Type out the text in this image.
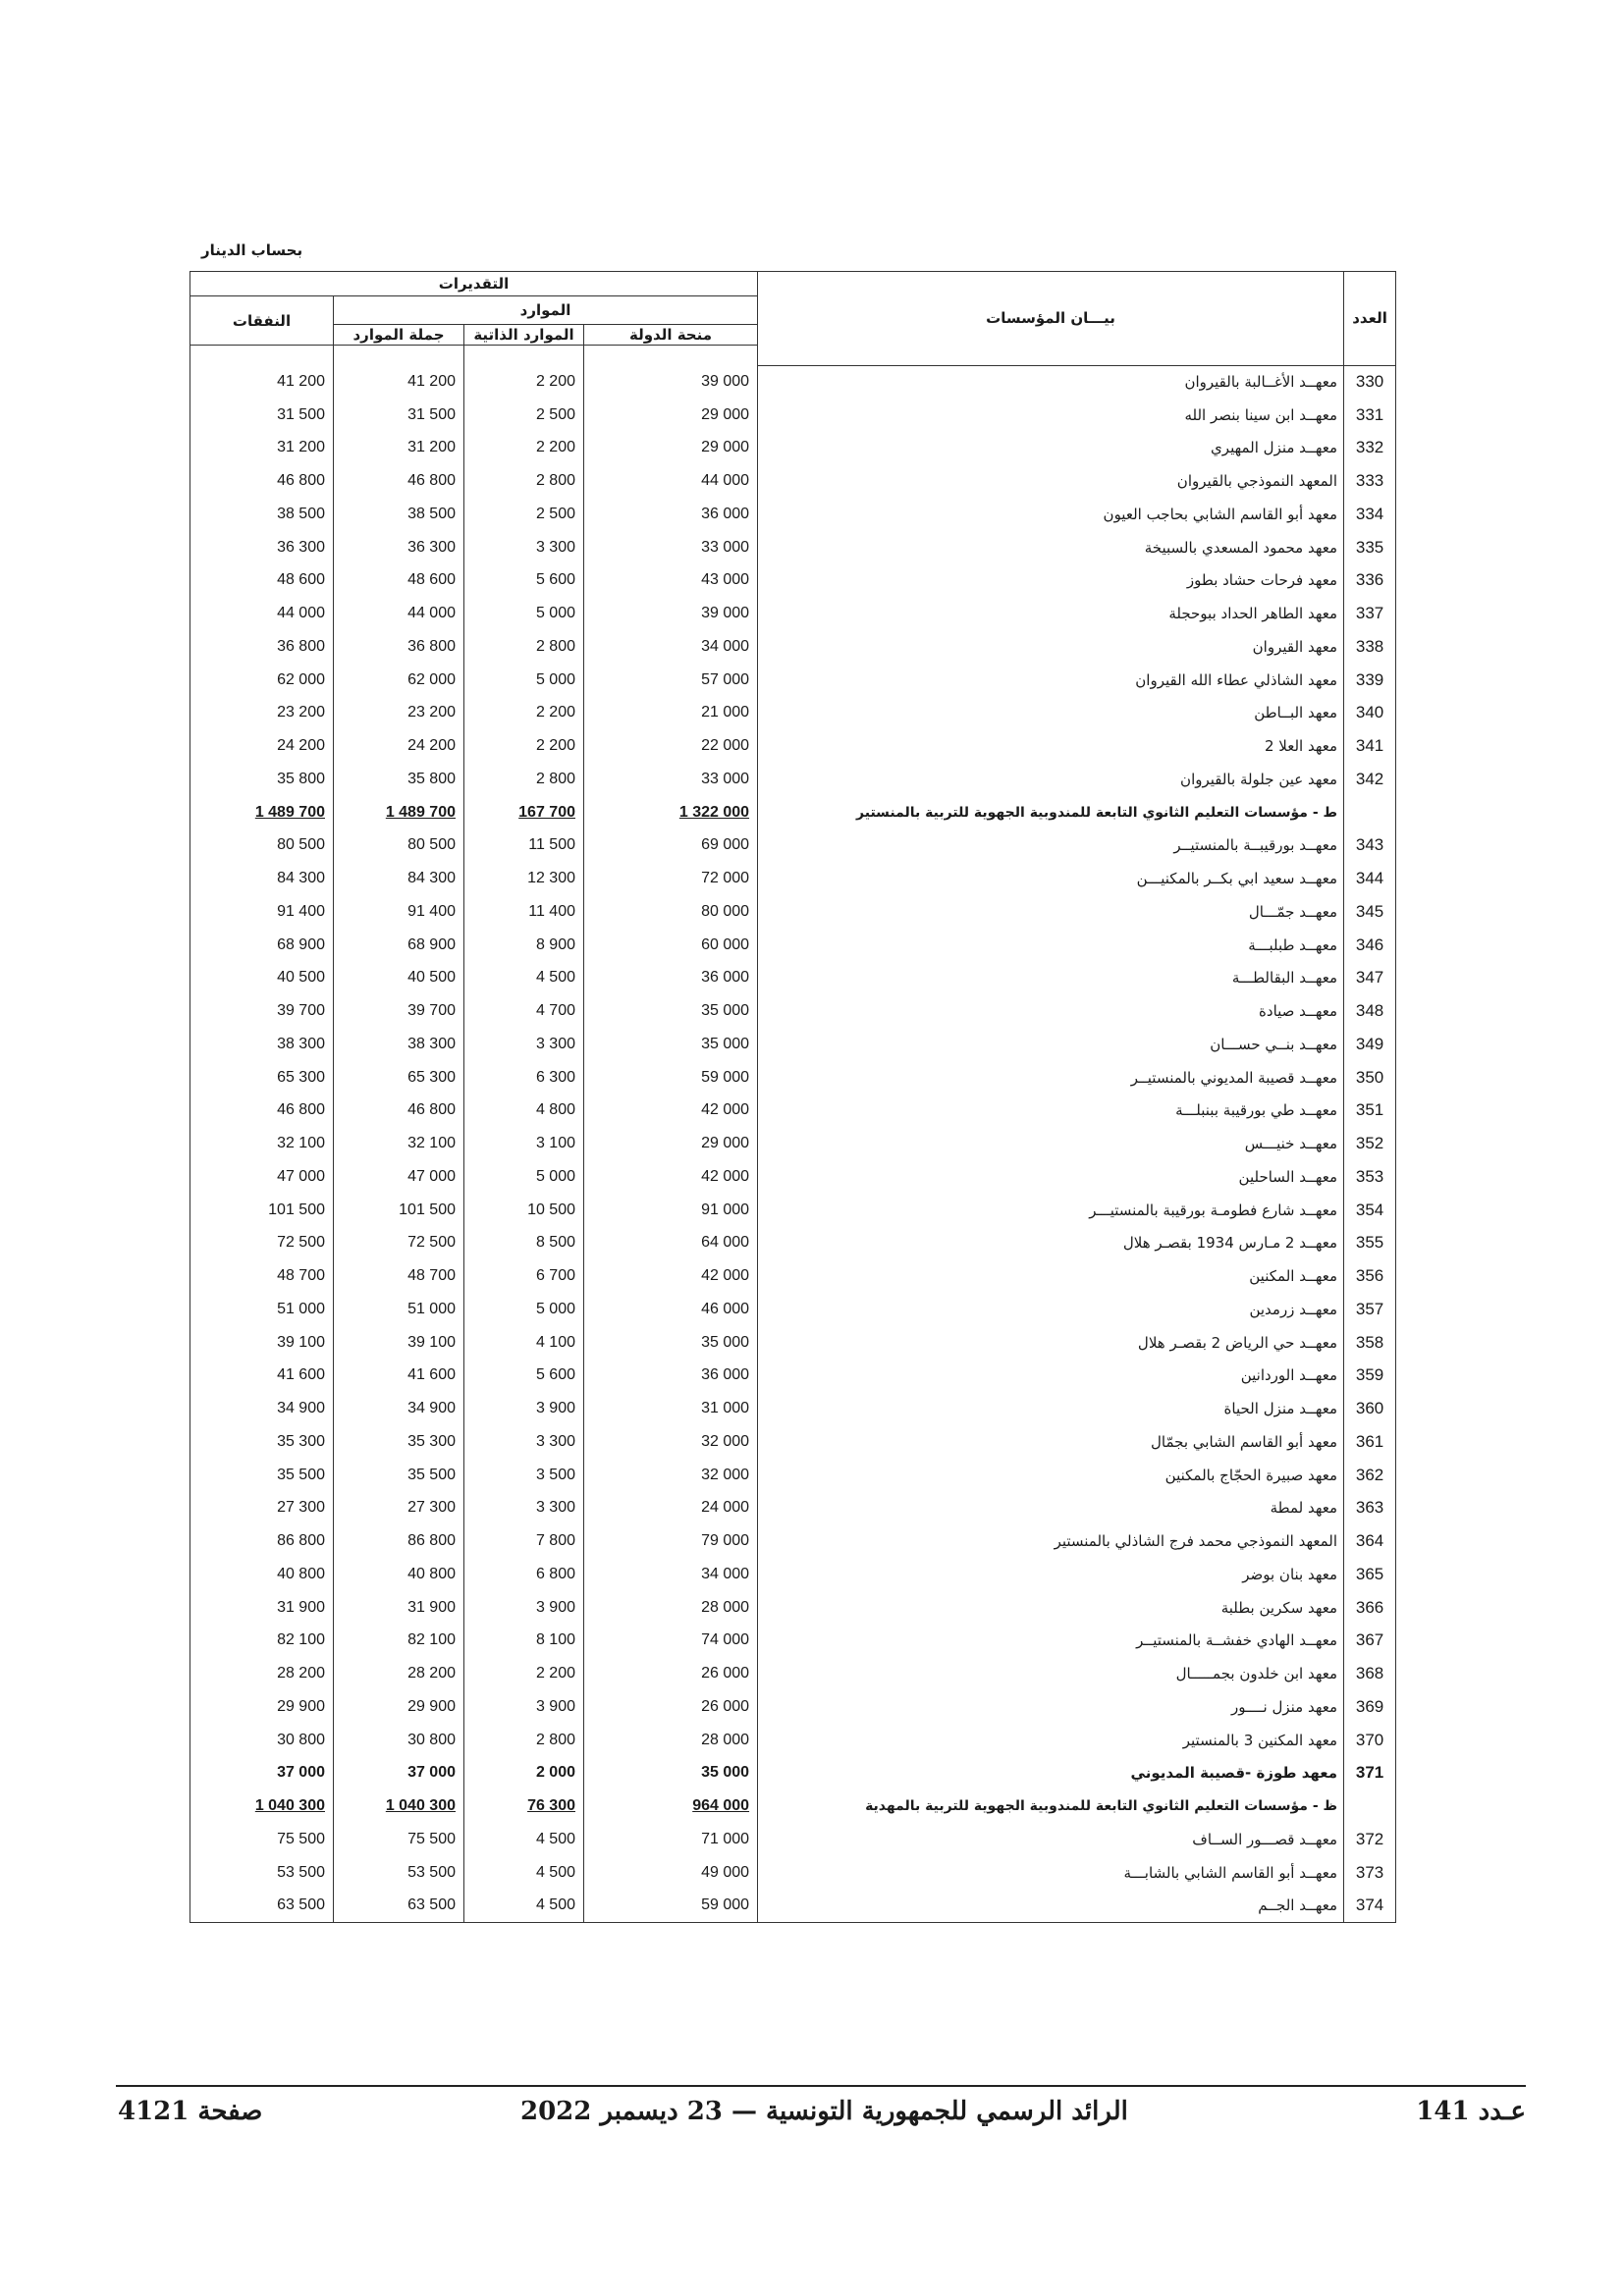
بحساب الدينار
التقديرات				بيـــان المؤسسات	العدد
النفقات	الموارد				
	جملة الموارد	الموارد الذاتية	منحة الدولة		

41 200	41 200	2 200	39 000	معهــد الأغــالبة بالقيروان	330
31 500	31 500	2 500	29 000	معهــد ابن سينا بنصر الله	331
31 200	31 200	2 200	29 000	معهــد منزل المهيري	332
46 800	46 800	2 800	44 000	المعهد النموذجي بالقيروان	333
38 500	38 500	2 500	36 000	معهد أبو القاسم الشابي بحاجب العيون	334
36 300	36 300	3 300	33 000	معهد محمود المسعدي بالسبيخة	335
48 600	48 600	5 600	43 000	معهد فرحات حشاد بطوز	336
44 000	44 000	5 000	39 000	معهد الطاهر الحداد ببوحجلة	337
36 800	36 800	2 800	34 000	معهد القيروان	338
62 000	62 000	5 000	57 000	معهد الشاذلي عطاء الله القيروان	339
23 200	23 200	2 200	21 000	معهد البــاطن	340
24 200	24 200	2 200	22 000	معهد العلا 2	341
35 800	35 800	2 800	33 000	معهد عين جلولة بالقيروان	342
1 489 700	1 489 700	167 700	1 322 000	ط - مؤسسات التعليم الثانوي التابعة للمندوبية الجهوية للتربية بالمنستير	
80 500	80 500	11 500	69 000	معهــد بورقيبــة بالمنستيــر	343
84 300	84 300	12 300	72 000	معهــد سعيد ابي بكــر بالمكنيـــن	344
91 400	91 400	11 400	80 000	معهــد جمّـــال	345
68 900	68 900	8 900	60 000	معهــد طبلبـــة	346
40 500	40 500	4 500	36 000	معهــد البقالطـــة	347
39 700	39 700	4 700	35 000	معهــد صيادة	348
38 300	38 300	3 300	35 000	معهــد بنــي حســـان	349
65 300	65 300	6 300	59 000	معهــد قصيبة المديوني بالمنستيــر	350
46 800	46 800	4 800	42 000	معهــد طي بورقيبة ببنبلـــة	351
32 100	32 100	3 100	29 000	معهــد خنيـــس	352
47 000	47 000	5 000	42 000	معهــد الساحلين	353
101 500	101 500	10 500	91 000	معهــد شارع فطومـة بورقيبة بالمنستيـــر	354
72 500	72 500	8 500	64 000	معهــد 2 مـارس 1934 بقصـر هلال	355
48 700	48 700	6 700	42 000	معهــد المكنين	356
51 000	51 000	5 000	46 000	معهــد زرمدين	357
39 100	39 100	4 100	35 000	معهــد حي الرياض 2 بقصـر هلال	358
41 600	41 600	5 600	36 000	معهــد الوردانين	359
34 900	34 900	3 900	31 000	معهــد منزل الحياة	360
35 300	35 300	3 300	32 000	معهد أبو القاسم الشابي بجمّال	361
35 500	35 500	3 500	32 000	معهد صبيرة الحجّاج بالمكنين	362
27 300	27 300	3 300	24 000	معهد لمطة	363
86 800	86 800	7 800	79 000	المعهد النموذجي محمد فرج الشاذلي بالمنستير	364
40 800	40 800	6 800	34 000	معهد بنان بوضر	365
31 900	31 900	3 900	28 000	معهد سكرين بطلبة	366
82 100	82 100	8 100	74 000	معهــد الهادي خفشــة بالمنستيــر	367
28 200	28 200	2 200	26 000	معهد ابن خلدون بجمـــــال	368
29 900	29 900	3 900	26 000	معهد منزل نــــور	369
30 800	30 800	2 800	28 000	معهد المكنين 3 بالمنستير	370
37 000	37 000	2 000	35 000	معهد طوزة -قصيبة المديوني	371
1 040 300	1 040 300	76 300	964 000	ظ - مؤسسات التعليم الثانوي التابعة للمندوبية الجهوية للتربية بالمهدية	
75 500	75 500	4 500	71 000	معهــد قصـــور الســاف	372
53 500	53 500	4 500	49 000	معهــد أبو القاسم الشابي بالشابـــة	373
63 500	63 500	4 500	59 000	معهــد الجــم	374
صفحة 4121	الرائد الرسمي للجمهورية التونسية — 23 ديسمبر 2022	عـدد 141
